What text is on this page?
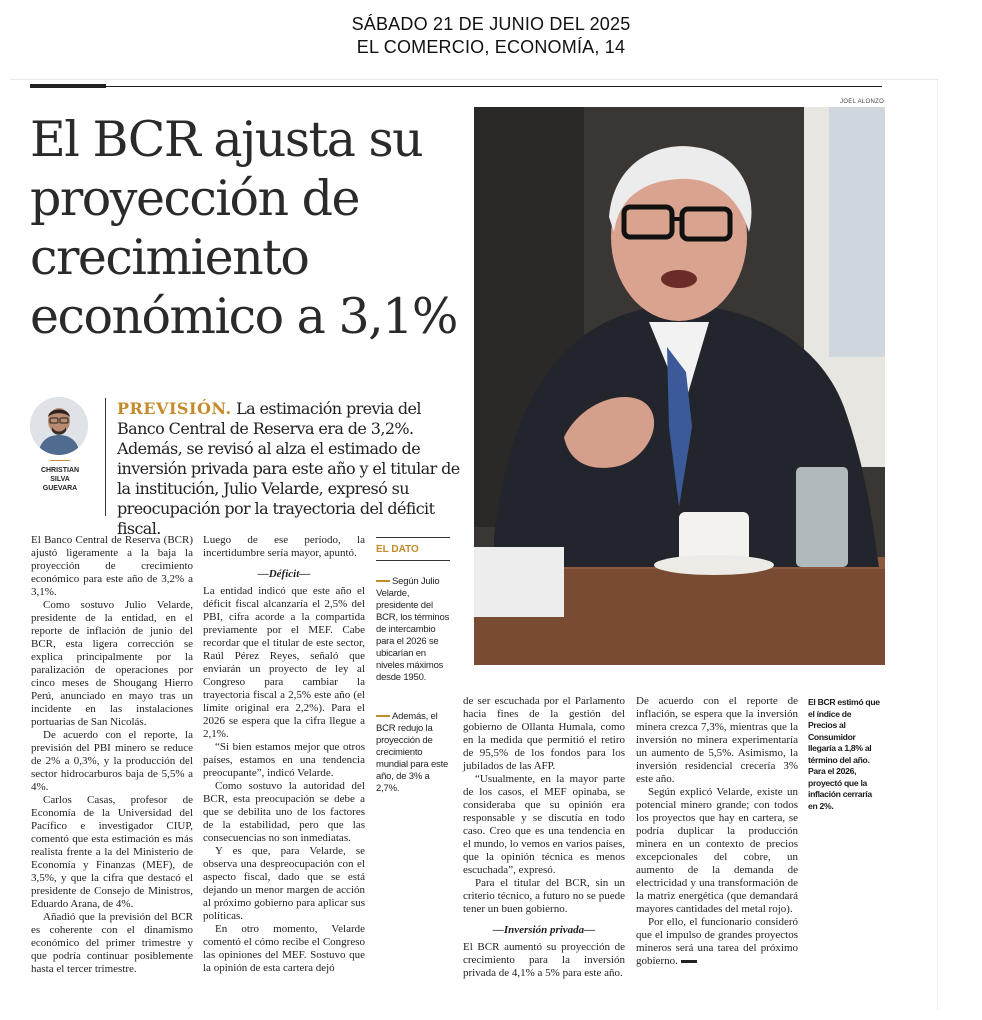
SÁBADO 21 DE JUNIO DEL 2025
EL COMERCIO, ECONOMÍA, 14
El BCR ajusta su proyección de crecimiento económico a 3,1%
JOEL ALONZO
CHRISTIAN
SILVA
GUEVARA
PREVISIÓN. La estimación previa del Banco Central de Reserva era de 3,2%. Además, se revisó al alza el estimado de inversión privada para este año y el titular de la institución, Julio Velarde, expresó su preocupación por la trayectoria del déficit fiscal.

El Banco Central de Reserva (BCR) ajustó ligeramente a la baja la proyección de crecimiento económico para este año de 3,2% a 3,1%.

Como sostuvo Julio Velarde, presidente de la entidad, en el reporte de inflación de junio del BCR, esta ligera corrección se explica principalmente por la paralización de operaciones por cinco meses de Shougang Hierro Perú, anunciado en mayo tras un incidente en las instalaciones portuarias de San Nicolás.

De acuerdo con el reporte, la previsión del PBI minero se reduce de 2% a 0,3%, y la producción del sector hidrocarburos baja de 5,5% a 4%.

Carlos Casas, profesor de Economía de la Universidad del Pacífico e investigador CIUP, comentó que esta estimación es más realista frente a la del Ministerio de Economía y Finanzas (MEF), de 3,5%, y que la cifra que destacó el presidente de Consejo de Ministros, Eduardo Arana, de 4%.

Añadió que la previsión del BCR es coherente con el dinamismo económico del primer trimestre y que podría continuar posiblemente hasta el tercer trimestre.

Luego de ese período, la incertidumbre sería mayor, apuntó.

—Déficit—

La entidad indicó que este año el déficit fiscal alcanzaría el 2,5% del PBI, cifra acorde a la compartida previamente por el MEF. Cabe recordar que el titular de este sector, Raúl Pérez Reyes, señaló que enviarán un proyecto de ley al Congreso para cambiar la trayectoria fiscal a 2,5% este año (el límite original era 2,2%). Para el 2026 se espera que la cifra llegue a 2,1%.

“Si bien estamos mejor que otros países, estamos en una tendencia preocupante”, indicó Velarde.

Como sostuvo la autoridad del BCR, esta preocupación se debe a que se debilita uno de los factores de la estabilidad, pero que las consecuencias no son inmediatas.

Y es que, para Velarde, se observa una despreocupación con el aspecto fiscal, dado que se está dejando un menor margen de acción al próximo gobierno para aplicar sus políticas.

En otro momento, Velarde comentó el cómo recibe el Congreso las opiniones del MEF. Sostuvo que la opinión de esta cartera dejó

EL DATO
Según Julio Velarde, presidente del BCR, los términos de intercambio para el 2026 se ubicarían en niveles máximos desde 1950.
Además, el BCR redujo la proyección de crecimiento mundial para este año, de 3% a 2,7%.

de ser escuchada por el Parlamento hacia fines de la gestión del gobierno de Ollanta Humala, como en la medida que permitió el retiro de 95,5% de los fondos para los jubilados de las AFP.

“Usualmente, en la mayor parte de los casos, el MEF opinaba, se consideraba que su opinión era responsable y se discutía en todo caso. Creo que es una tendencia en el mundo, lo vemos en varios países, que la opinión técnica es menos escuchada”, expresó.

Para el titular del BCR, sin un criterio técnico, a futuro no se puede tener un buen gobierno.

—Inversión privada—

El BCR aumentó su proyección de crecimiento para la inversión privada de 4,1% a 5% para este año.

De acuerdo con el reporte de inflación, se espera que la inversión minera crezca 7,3%, mientras que la inversión no minera experimentaría un aumento de 5,5%. Asimismo, la inversión residencial crecería 3% este año.

Según explicó Velarde, existe un potencial minero grande; con todos los proyectos que hay en cartera, se podría duplicar la producción minera en un contexto de precios excepcionales del cobre, un aumento de la demanda de electricidad y una transformación de la matriz energética (que demandará mayores cantidades del metal rojo).

Por ello, el funcionario consideró que el impulso de grandes proyectos mineros será una tarea del próximo gobierno.

El BCR estimó que el índice de Precios al Consumidor llegaría a 1,8% al término del año. Para el 2026, proyectó que la inflación cerraría en 2%.
